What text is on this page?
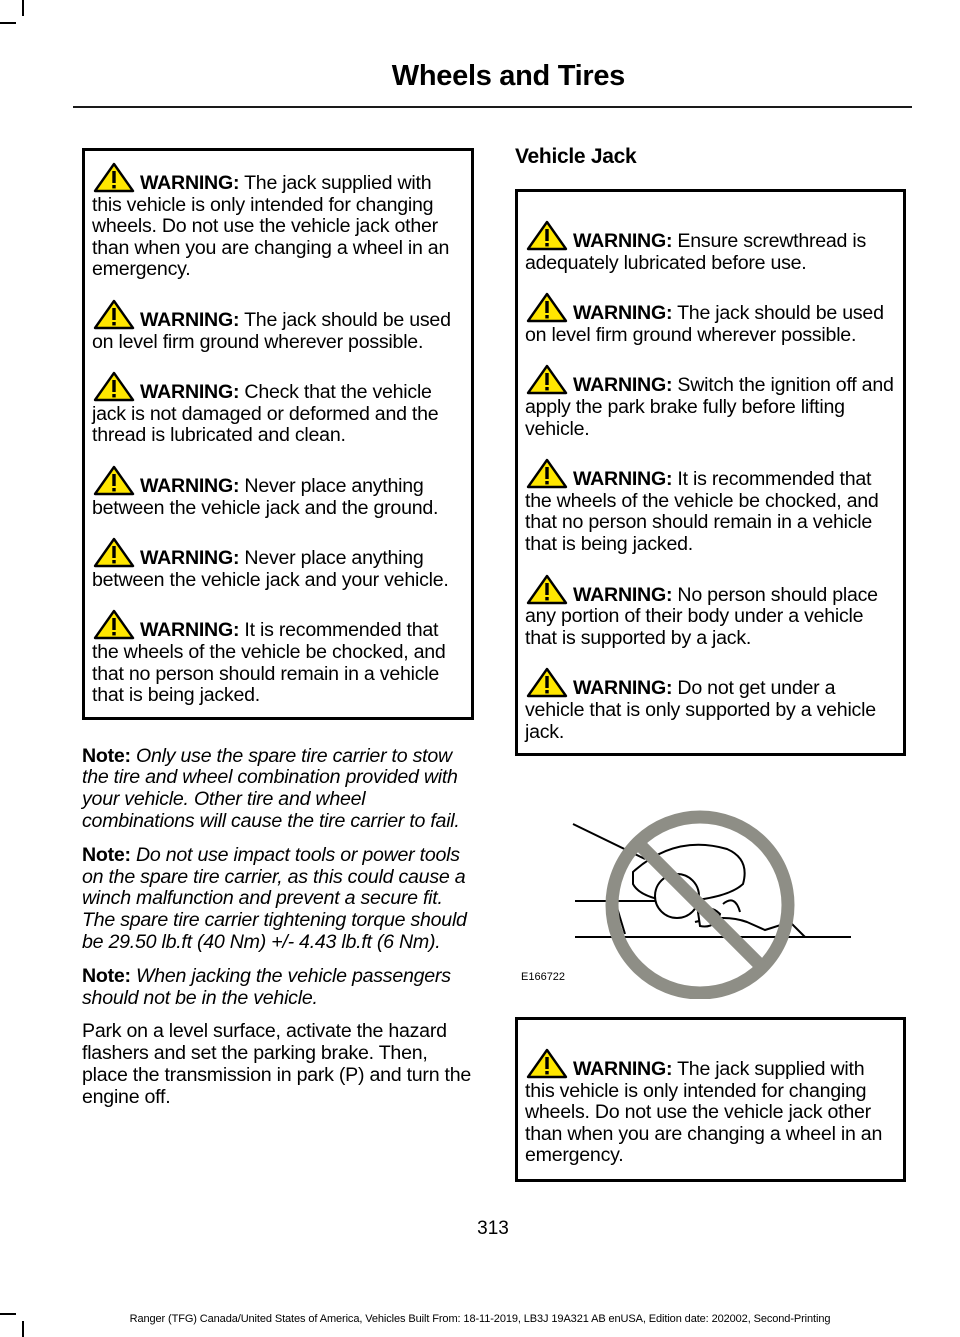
Wheels and Tires

WARNING: The jack supplied with this vehicle is only intended for changing wheels. Do not use the vehicle jack other than when you are changing a wheel in an emergency.

WARNING: The jack should be used on level firm ground wherever possible.

WARNING: Check that the vehicle jack is not damaged or deformed and the thread is lubricated and clean.

WARNING: Never place anything between the vehicle jack and the ground.

WARNING: Never place anything between the vehicle jack and your vehicle.

WARNING: It is recommended that the wheels of the vehicle be chocked, and that no person should remain in a vehicle that is being jacked.

Note: Only use the spare tire carrier to stow the tire and wheel combination provided with your vehicle. Other tire and wheel combinations will cause the tire carrier to fail.

Note: Do not use impact tools or power tools on the spare tire carrier, as this could cause a winch malfunction and prevent a secure fit. The spare tire carrier tightening torque should be 29.50 lb.ft (40 Nm) +/- 4.43 lb.ft (6 Nm).

Note: When jacking the vehicle passengers should not be in the vehicle.

Park on a level surface, activate the hazard flashers and set the parking brake. Then, place the transmission in park (P) and turn the engine off.

Vehicle Jack

WARNING: Ensure screwthread is adequately lubricated before use.

WARNING: The jack should be used on level firm ground wherever possible.

WARNING: Switch the ignition off and apply the park brake fully before lifting vehicle.

WARNING: It is recommended that the wheels of the vehicle be chocked, and that no person should remain in a vehicle that is being jacked.

WARNING: No person should place any portion of their body under a vehicle that is supported by a jack.

WARNING: Do not get under a vehicle that is only supported by a vehicle jack.

E166722

WARNING: The jack supplied with this vehicle is only intended for changing wheels. Do not use the vehicle jack other than when you are changing a wheel in an emergency.

313
Ranger (TFG) Canada/United States of America, Vehicles Built From: 18-11-2019, LB3J 19A321 AB enUSA, Edition date: 202002, Second-Printing
